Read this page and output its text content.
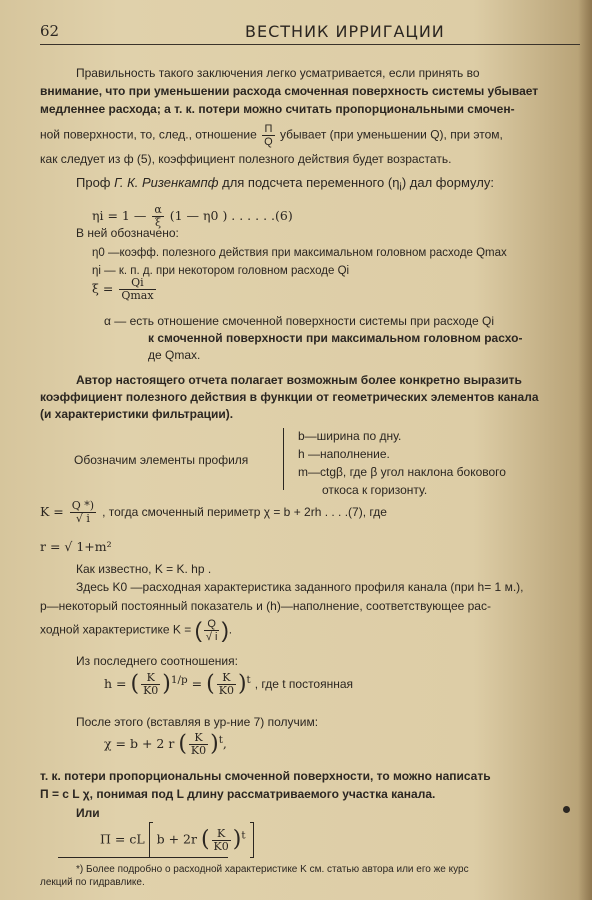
62	ВЕСТНИК ИРРИГАЦИИ
Правильность такого заключения легко усматривается, если принять во
внимание, что при уменьшении расхода смоченная поверхность системы убывает
медленнее расхода; а т. к. потери можно считать пропорциональными смочен-
ной поверхности, то, след., отношение $\frac{П}{Q}$ убывает (при уменьшении Q), при этом,
как следует из ф (5), коэффициент полезного действия будет возрастать.
Проф Г. К. Ризенкампф для подсчета переменного $(\eta_i)$ дал формулу:
ηi = 1 — $\frac{\alpha}{\xi} (1$ — η0 ) . . . . . .(6)
В ней обозначено:
η0 —коэфф. полезного действия при максимальном головном расходе Qmax
ηi — к. п. д. при некотором головном расходе Qi
$\xi = \frac{Qi}{Qmax}$
α — есть отношение смоченной поверхности системы при расходе Qi
к смоченной поверхности при максимальном головном расхо-
де Qmax.
Автор настоящего отчета полагает возможным более конкретно выразить
коэффициент полезного действия в функции от геометрических элементов канала
(и характеристики фильтрации).
Обозначим элементы профиля
b—ширина по дну.
h —наполнение.
m—ctgβ, где β угол наклона бокового
откоса к горизонту.
$K = \frac{Q *)}{√ i}$ , тогда смоченный периметр χ = b + 2rh . . . .(7), где
r = √ 1+m²
Как известно, K = K. hp .
Здесь K0 —расходная характеристика заданного профиля канала (при h= 1 м.),
p—некоторый постоянный показатель и (h)—наполнение, соответствующее рас-
ходной характеристике K = ( $\frac{Q}{√ i}$ ).
Из последнего соотношения:
h = ( $\frac{K}{K0} )^{1/p}$ = ( $\frac{K}{K0} )^t$ , где t постоянная
После этого (вставляя в ур-ние 7) получим:
χ = b + 2 r ( $\frac{K}{K0} )^t$,
т. к. потери пропорциональны смоченной поверхности, то можно написать
П = c L χ, понимая под L длину рассматриваемого участка канала.
Или
П = cL b + 2r ( $\frac{K}{K0} )^t$
*) Более подробно о расходной характеристике K см. статью автора или его же курс
лекций по гидравлике.
